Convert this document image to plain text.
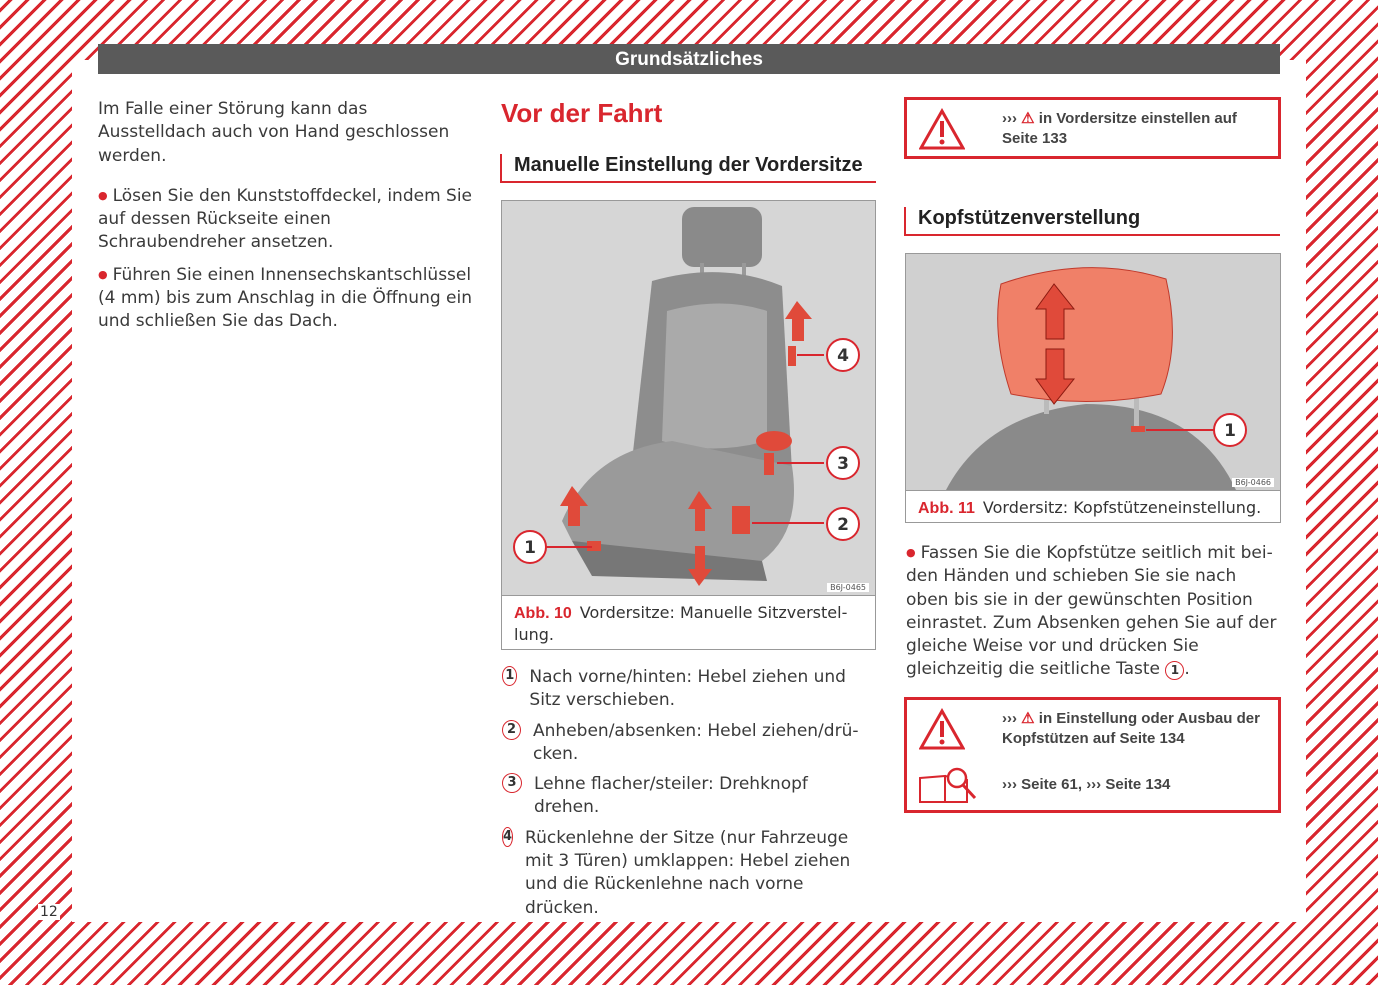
Grundsätzliches

Im Falle einer Störung kann das Ausstelldach auch von Hand geschlossen werden.

● Lösen Sie den Kunststoffdeckel, indem Sie auf dessen Rückseite einen Schraubendreher ansetzen.

● Führen Sie einen Innensechskantschlüssel (4 mm) bis zum Anschlag in die Öffnung ein und schließen Sie das Dach.

Vor der Fahrt
Manuelle Einstellung der Vordersitze
1
2
3
4
B6J-0465
Abb. 10 Vordersitze: Manuelle Sitzverstellung.
1 Nach vorne/hinten: Hebel ziehen und Sitz verschieben.
2 Anheben/absenken: Hebel ziehen/drücken.
3	Lehne flacher/steiler: Drehknopf drehen.
4 Rückenlehne der Sitze (nur Fahrzeuge mit 3 Türen) umklappen: Hebel ziehen und die Rückenlehne nach vorne drücken.
››› ⚠ in Vordersitze einstellen auf Seite 133
Kopfstützenverstellung
1
B6J-0466
Abb. 11 Vordersitz: Kopfstützeneinstellung.

● Fassen Sie die Kopfstütze seitlich mit beiden Händen und schieben Sie sie nach oben bis sie in der gewünschten Position einrastet. Zum Absenken gehen Sie auf der gleiche Weise vor und drücken Sie gleichzeitig die seitliche Taste 1 .

››› ⚠ in Einstellung oder Ausbau der Kopfstützen auf Seite 134
››› Seite 61, ››› Seite 134
12
